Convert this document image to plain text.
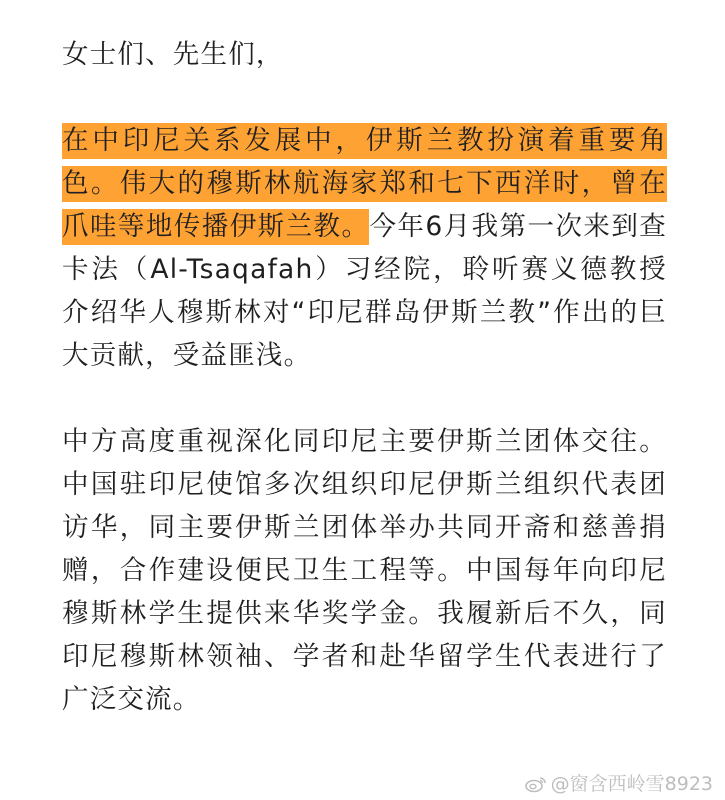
女士们、先生们，

在中印尼关系发展中，伊斯兰教扮演着重要角色。伟大的穆斯林航海家郑和七下西洋时，曾在爪哇等地传播伊斯兰教。今年6月我第一次来到查卡法（Al-Tsaqafah）习经院，聆听赛义德教授介绍华人穆斯林对“印尼群岛伊斯兰教”作出的巨大贡献，受益匪浅。

中方高度重视深化同印尼主要伊斯兰团体交往。中国驻印尼使馆多次组织印尼伊斯兰组织代表团访华，同主要伊斯兰团体举办共同开斋和慈善捐赠，合作建设便民卫生工程等。中国每年向印尼穆斯林学生提供来华奖学金。我履新后不久，同印尼穆斯林领袖、学者和赴华留学生代表进行了广泛交流。

@窗含西岭雪8923
